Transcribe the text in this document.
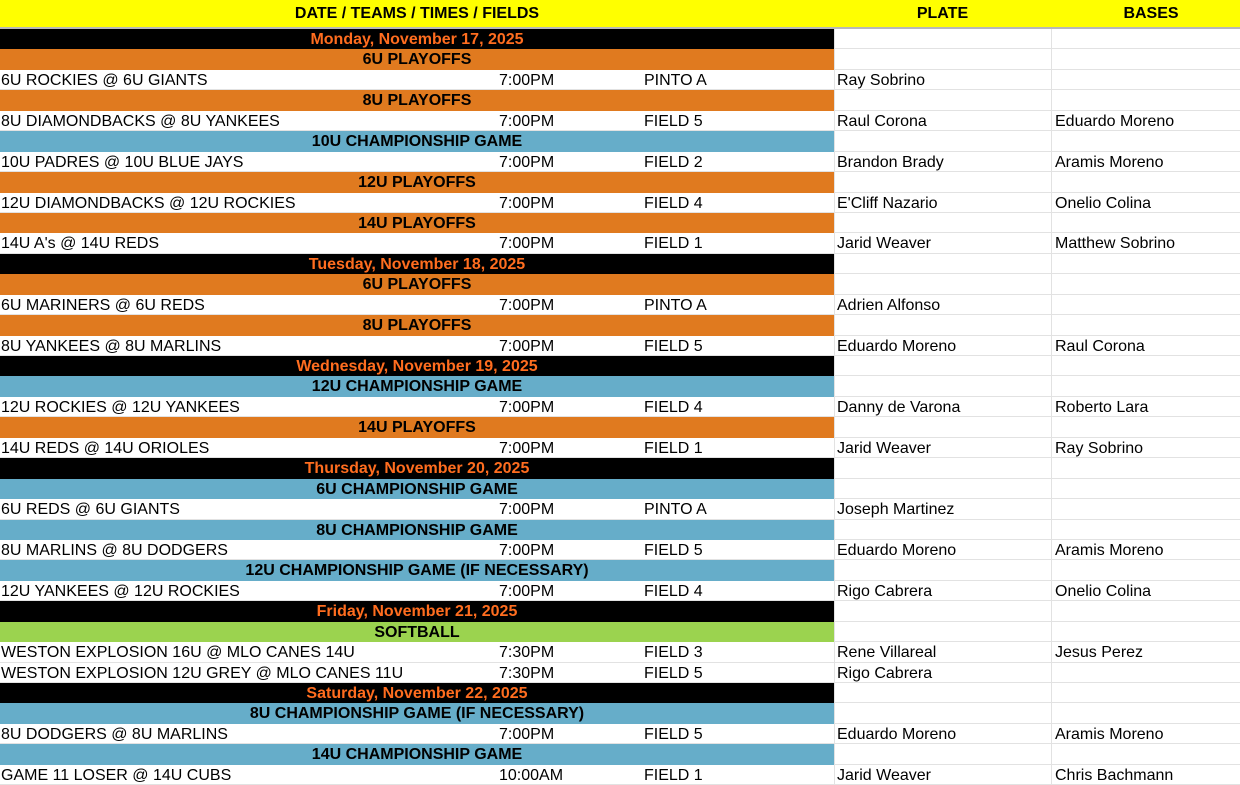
DATE / TEAMS / TIMES / FIELDS	PLATE	BASES
Monday, November 17, 2025
6U PLAYOFFS
6U ROCKIES @ 6U GIANTS	7:00PM	PINTO A	Ray Sobrino
8U PLAYOFFS
8U DIAMONDBACKS @ 8U YANKEES	7:00PM	FIELD 5	Raul Corona	Eduardo Moreno
10U CHAMPIONSHIP GAME
10U PADRES @ 10U BLUE JAYS	7:00PM	FIELD 2	Brandon Brady	Aramis Moreno
12U PLAYOFFS
12U DIAMONDBACKS @ 12U ROCKIES	7:00PM	FIELD 4	E'Cliff Nazario	Onelio Colina
14U PLAYOFFS
14U A's @ 14U REDS	7:00PM	FIELD 1	Jarid Weaver	Matthew Sobrino
Tuesday, November 18, 2025
6U PLAYOFFS
6U MARINERS @ 6U REDS	7:00PM	PINTO A	Adrien Alfonso
8U PLAYOFFS
8U YANKEES @ 8U MARLINS	7:00PM	FIELD 5	Eduardo Moreno	Raul Corona
Wednesday, November 19, 2025
12U CHAMPIONSHIP GAME
12U ROCKIES @ 12U YANKEES	7:00PM	FIELD 4	Danny de Varona	Roberto Lara
14U PLAYOFFS
14U REDS @ 14U ORIOLES	7:00PM	FIELD 1	Jarid Weaver	Ray Sobrino
Thursday, November 20, 2025
6U CHAMPIONSHIP GAME
6U REDS @ 6U GIANTS	7:00PM	PINTO A	Joseph Martinez
8U CHAMPIONSHIP GAME
8U MARLINS @ 8U DODGERS	7:00PM	FIELD 5	Eduardo Moreno	Aramis Moreno
12U CHAMPIONSHIP GAME (IF NECESSARY)
12U YANKEES @ 12U ROCKIES	7:00PM	FIELD 4	Rigo Cabrera	Onelio Colina
Friday, November 21, 2025
SOFTBALL
WESTON EXPLOSION 16U @ MLO CANES 14U	7:30PM	FIELD 3	Rene Villareal	Jesus Perez
WESTON EXPLOSION 12U GREY @ MLO CANES 11U	7:30PM	FIELD 5	Rigo Cabrera
Saturday, November 22, 2025
8U CHAMPIONSHIP GAME (IF NECESSARY)
8U DODGERS @ 8U MARLINS	7:00PM	FIELD 5	Eduardo Moreno	Aramis Moreno
14U CHAMPIONSHIP GAME
GAME 11 LOSER @ 14U CUBS	10:00AM	FIELD 1	Jarid Weaver	Chris Bachmann
